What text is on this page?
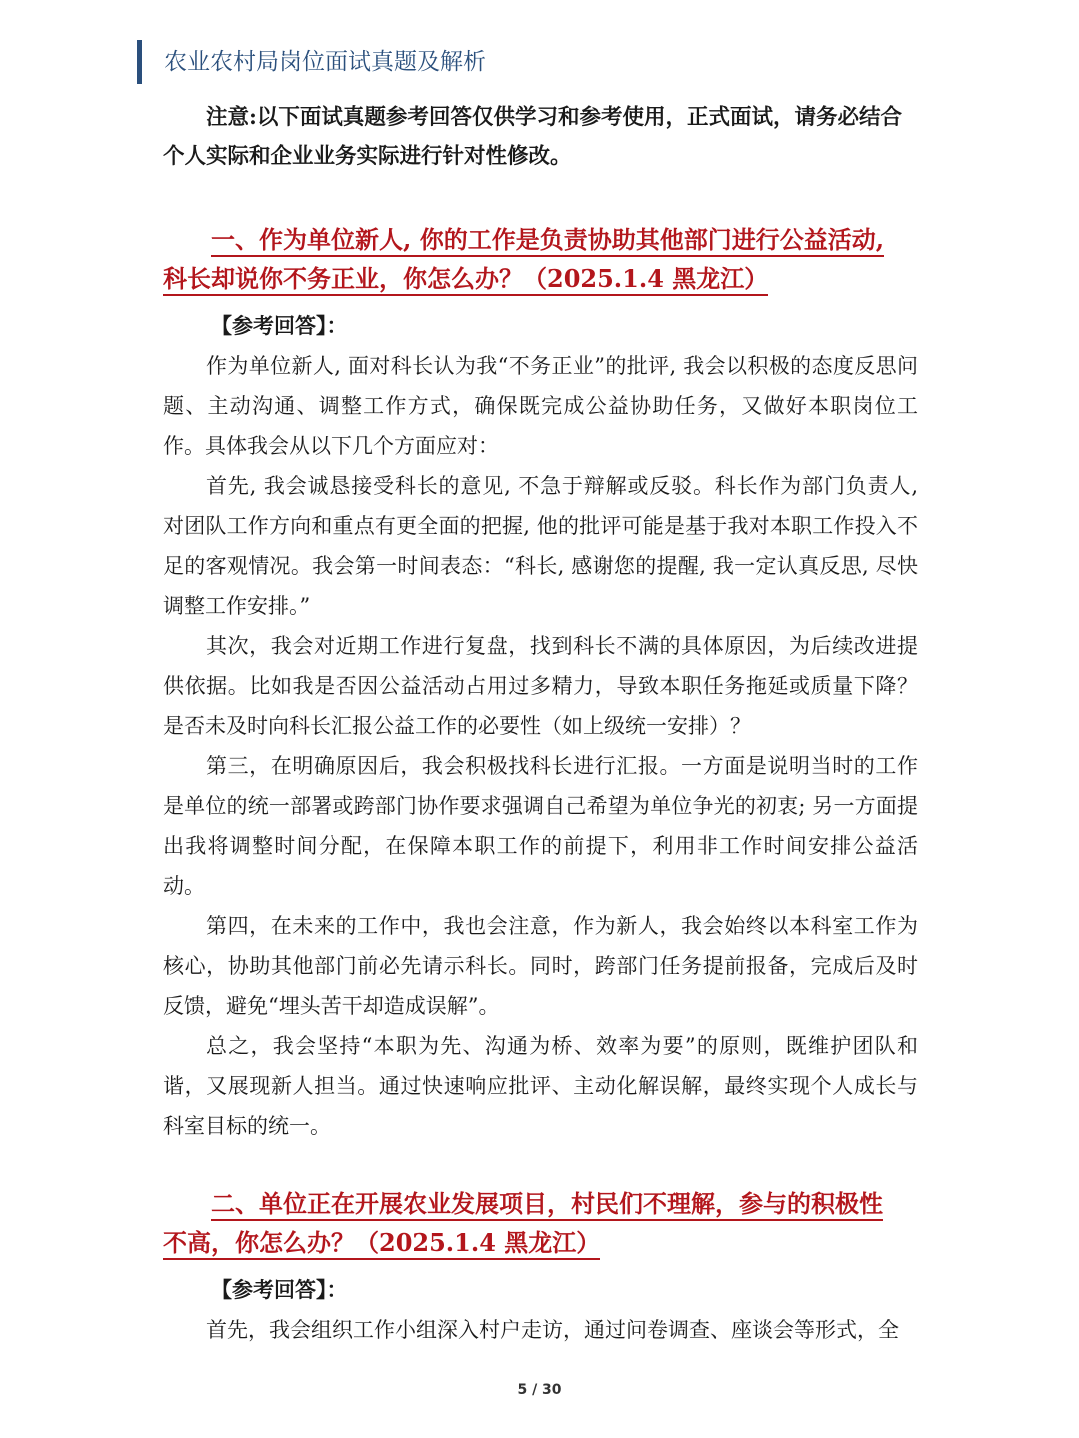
农业农村局岗位面试真题及解析

注意:以下面试真题参考回答仅供学习和参考使用，正式面试，请务必结合个人实际和企业业务实际进行针对性修改。

一、作为单位新人, 你的工作是负责协助其他部门进行公益活动,
科长却说你不务正业，你怎么办？（2025.1.4 黑龙江）
【参考回答】：

作为单位新人, 面对科长认为我“不务正业”的批评, 我会以积极的态度反思问题、主动沟通、调整工作方式，确保既完成公益协助任务，又做好本职岗位工作。具体我会从以下几个方面应对：

首先, 我会诚恳接受科长的意见, 不急于辩解或反驳。科长作为部门负责人, 对团队工作方向和重点有更全面的把握, 他的批评可能是基于我对本职工作投入不足的客观情况。我会第一时间表态：“科长, 感谢您的提醒, 我一定认真反思, 尽快调整工作安排。”

其次，我会对近期工作进行复盘，找到科长不满的具体原因，为后续改进提供依据。比如我是否因公益活动占用过多精力，导致本职任务拖延或质量下降？是否未及时向科长汇报公益工作的必要性（如上级统一安排）？

第三，在明确原因后，我会积极找科长进行汇报。一方面是说明当时的工作是单位的统一部署或跨部门协作要求强调自己希望为单位争光的初衷; 另一方面提出我将调整时间分配，在保障本职工作的前提下，利用非工作时间安排公益活动。

第四，在未来的工作中，我也会注意，作为新人，我会始终以本科室工作为核心，协助其他部门前必先请示科长。同时，跨部门任务提前报备，完成后及时反馈，避免“埋头苦干却造成误解”。

总之，我会坚持“本职为先、沟通为桥、效率为要”的原则，既维护团队和谐，又展现新人担当。通过快速响应批评、主动化解误解，最终实现个人成长与科室目标的统一。

二、单位正在开展农业发展项目，村民们不理解，参与的积极性
不高，你怎么办？（2025.1.4 黑龙江）
【参考回答】：

首先，我会组织工作小组深入村户走访，通过问卷调查、座谈会等形式，全

5 / 30
